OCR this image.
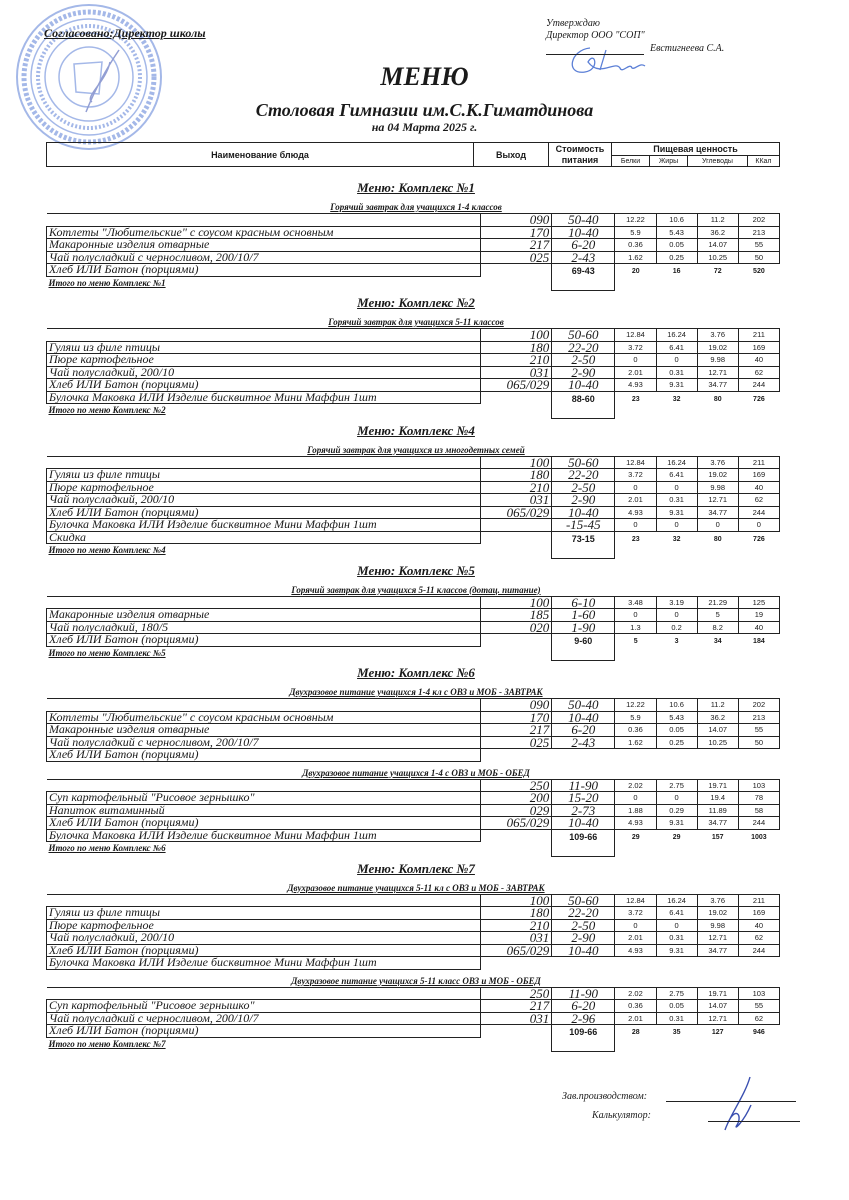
Согласовано:Директор школы
Утверждаю
Директор ООО "СОП"
Евстигнеева С.А.
МЕНЮ
Столовая Гимназии им.С.К.Гиматдинова
на 04 Марта 2025 г.
Наименование блюда	Выход	Стоимость питания	Пищевая ценность			
			Белки	Жиры	Углеводы	ККал
Меню: Комплекс №1
Горячий завтрак для учащихся 1-4 классов
	090	50-40	12.22	10.6	11.2	202
Котлеты "Любительские" с соусом красным основным	170	10-40	5.9	5.43	36.2	213
Макаронные изделия отварные	217	6-20	0.36	0.05	14.07	55
Чай полусладкий с черносливом, 200/10/7	025	2-43	1.62	0.25	10.25	50
Хлеб ИЛИ Батон (порциями)		69-43	20	16	72	520
Итого по меню Комплекс №1						
Меню: Комплекс №2
Горячий завтрак для учащихся 5-11 классов
	100	50-60	12.84	16.24	3.76	211
Гуляш из филе птицы	180	22-20	3.72	6.41	19.02	169
Пюре картофельное	210	2-50	0	0	9.98	40
Чай полусладкий, 200/10	031	2-90	2.01	0.31	12.71	62
Хлеб ИЛИ Батон (порциями)	065/029	10-40	4.93	9.31	34.77	244
Булочка Маковка ИЛИ Изделие бисквитное Мини Маффин 1шт		88-60	23	32	80	726
Итого по меню Комплекс №2						
Меню: Комплекс №4
Горячий завтрак для учащихся из многодетных семей
	100	50-60	12.84	16.24	3.76	211
Гуляш из филе птицы	180	22-20	3.72	6.41	19.02	169
Пюре картофельное	210	2-50	0	0	9.98	40
Чай полусладкий, 200/10	031	2-90	2.01	0.31	12.71	62
Хлеб ИЛИ Батон (порциями)	065/029	10-40	4.93	9.31	34.77	244
Булочка Маковка ИЛИ Изделие бисквитное Мини Маффин 1шт		-15-45	0	0	0	0
Скидка		73-15	23	32	80	726
Итого по меню Комплекс №4						
Меню: Комплекс №5
Горячий завтрак для учащихся 5-11 классов (дотац. питание)
	100	6-10	3.48	3.19	21.29	125
Макаронные изделия отварные	185	1-60	0	0	5	19
Чай полусладкий, 180/5	020	1-90	1.3	0.2	8.2	40
Хлеб ИЛИ Батон (порциями)		9-60	5	3	34	184
Итого по меню Комплекс №5						
Меню: Комплекс №6
Двухразовое питание учащихся 1-4 кл с ОВЗ и МОБ - ЗАВТРАК
	090	50-40	12.22	10.6	11.2	202
Котлеты "Любительские" с соусом красным основным	170	10-40	5.9	5.43	36.2	213
Макаронные изделия отварные	217	6-20	0.36	0.05	14.07	55
Чай полусладкий с черносливом, 200/10/7	025	2-43	1.62	0.25	10.25	50
Хлеб ИЛИ Батон (порциями)						
Двухразовое питание учащихся 1-4 с ОВЗ и МОБ - ОБЕД
	250	11-90	2.02	2.75	19.71	103
Суп картофельный "Рисовое зернышко"	200	15-20	0	0	19.4	78
Напиток витаминный	029	2-73	1.88	0.29	11.89	58
Хлеб ИЛИ Батон (порциями)	065/029	10-40	4.93	9.31	34.77	244
Булочка Маковка ИЛИ Изделие бисквитное Мини Маффин 1шт		109-66	29	29	157	1003
Итого по меню Комплекс №6						
Меню: Комплекс №7
Двухразовое питание учащихся 5-11 кл с ОВЗ и МОБ - ЗАВТРАК
	100	50-60	12.84	16.24	3.76	211
Гуляш из филе птицы	180	22-20	3.72	6.41	19.02	169
Пюре картофельное	210	2-50	0	0	9.98	40
Чай полусладкий, 200/10	031	2-90	2.01	0.31	12.71	62
Хлеб ИЛИ Батон (порциями)	065/029	10-40	4.93	9.31	34.77	244
Булочка Маковка ИЛИ Изделие бисквитное Мини Маффин 1шт						
Двухразовое питание учащихся 5-11 класс ОВЗ и МОБ - ОБЕД
	250	11-90	2.02	2.75	19.71	103
Суп картофельный "Рисовое зернышко"	217	6-20	0.36	0.05	14.07	55
Чай полусладкий с черносливом, 200/10/7	031	2-96	2.01	0.31	12.71	62
Хлеб ИЛИ Батон (порциями)		109-66	28	35	127	946
Итого по меню Комплекс №7						
Зав.производством:
Калькулятор:
